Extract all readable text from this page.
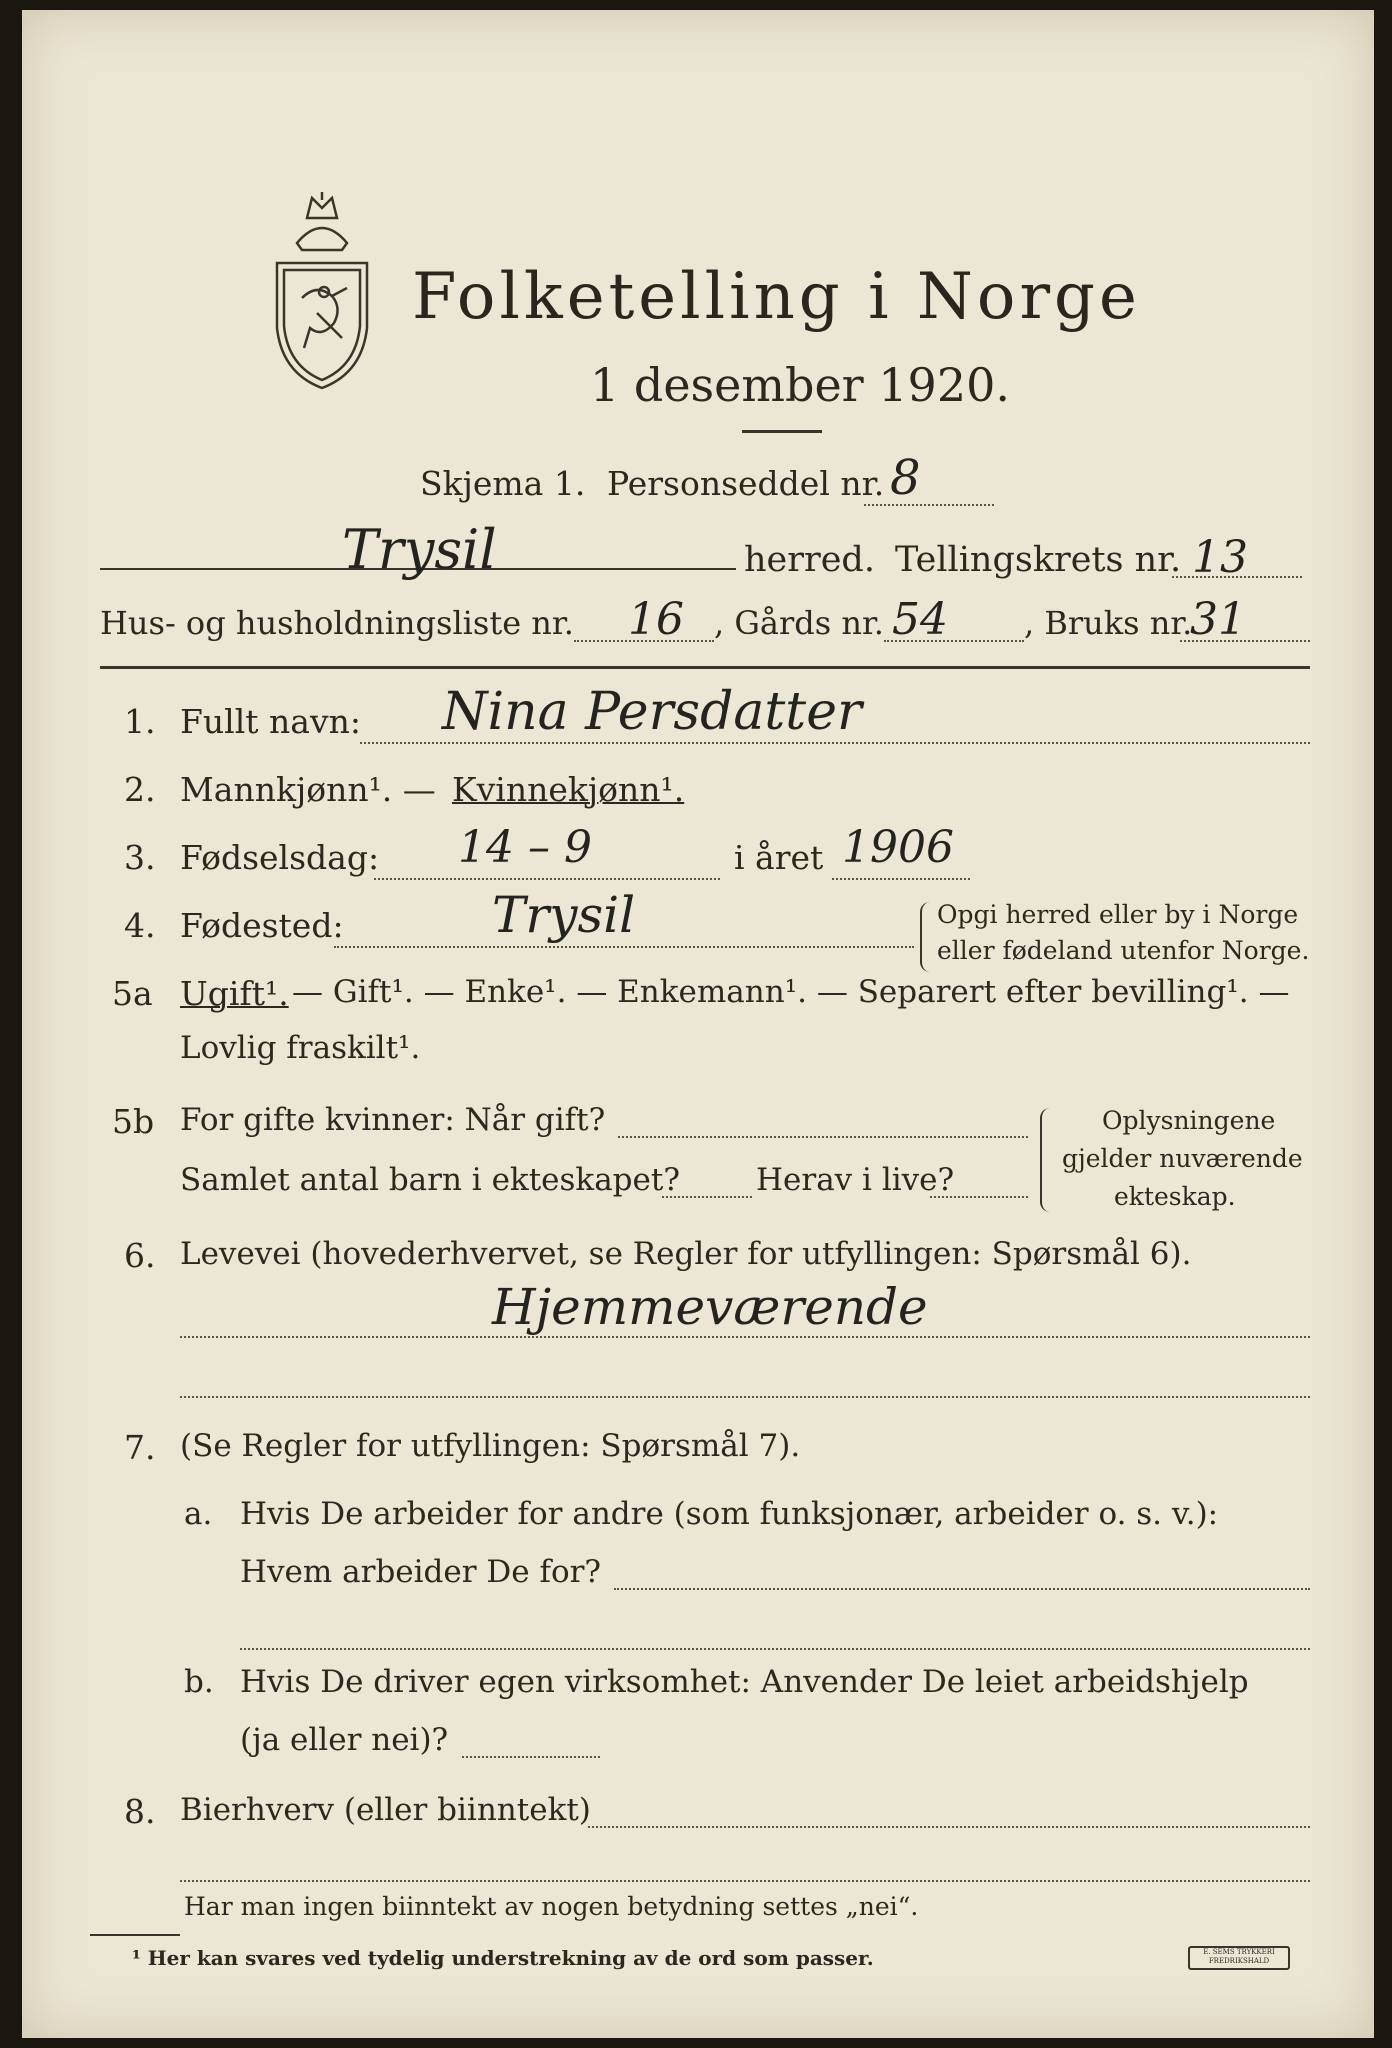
Folketelling i Norge
1 desember 1920.
Skjema 1. Personseddel nr. 8
Trysil	herred. Tellingskrets nr. 13
Hus- og husholdningsliste nr. 16 , Gårds nr. 54 , Bruks nr.
31
1. Fullt navn: Nina Persdatter
2. Mannkjønn¹. — Kvinnekjønn¹.
3. Fødselsdag: 14 – 9	i året 1906
4. Fødested:	Trysil	Opgi herred eller by i Norge
eller fødeland utenfor Norge.
5a Ugift¹. — Gift¹. — Enke¹. — Enkemann¹. — Separert efter bevilling¹. —
Lovlig fraskilt¹.
5b For gifte kvinner: Når gift?
Samlet antal barn i ekteskapet? Herav i live?
Oplysningene
gjelder nuværende
ekteskap.
6. Levevei (hovederhvervet, se Regler for utfyllingen: Spørsmål 6).
Hjemmeværende
7. (Se Regler for utfyllingen: Spørsmål 7).
a. Hvis De arbeider for andre (som funksjonær, arbeider o. s. v.):
Hvem arbeider De for?
b. Hvis De driver egen virksomhet: Anvender De leiet arbeidshjelp
(ja eller nei)?
8. Bierhverv (eller biinntekt)
Har man ingen biinntekt av nogen betydning settes „nei“.
¹ Her kan svares ved tydelig understrekning av de ord som passer.	E. SEMS TRYKKERI FREDRIKSHALD
